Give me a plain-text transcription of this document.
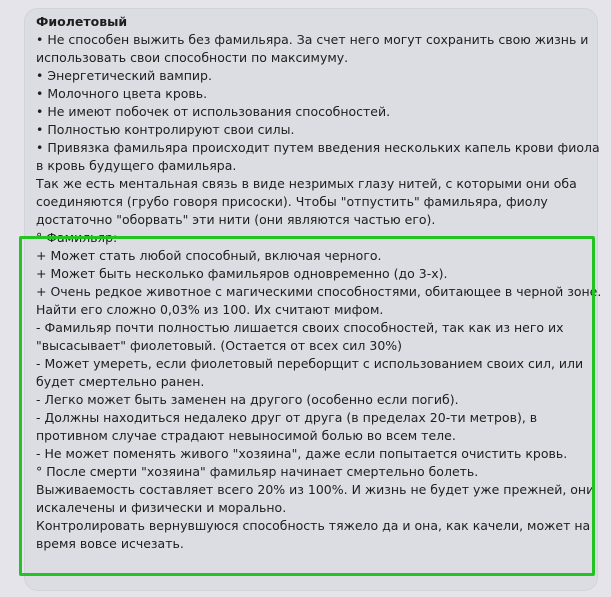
Фиолетовый
• Не способен выжить без фамильяра. За счет него могут сохранить свою жизнь и
использовать свои способности по максимуму.
• Энергетический вампир.
• Молочного цвета кровь.
• Не имеют побочек от использования способностей.
• Полностью контролируют свои силы.
• Привязка фамильяра происходит путем введения нескольких капель крови фиола
в кровь будущего фамильяра.
Так же есть ментальная связь в виде незримых глазу нитей, с которыми они оба
соединяются (грубо говоря присоски). Чтобы "отпустить" фамильяра, фиолу
достаточно "оборвать" эти нити (они являются частью его).
° Фамильяр:
+ Может стать любой способный, включая черного.
+ Может быть несколько фамильяров одновременно (до 3-х).
+ Очень редкое животное с магическими способностями, обитающее в черной зоне.
Найти его сложно 0,03% из 100. Их считают мифом.
- Фамильяр почти полностью лишается своих способностей, так как из него их
"высасывает" фиолетовый. (Остается от всех сил 30%)
- Может умереть, если фиолетовый переборщит с использованием своих сил, или
будет смертельно ранен.
- Легко может быть заменен на другого (особенно если погиб).
- Должны находиться недалеко друг от друга (в пределах 20-ти метров), в
противном случае страдают невыносимой болью во всем теле.
- Не может поменять живого "хозяина", даже если попытается очистить кровь.
° После смерти "хозяина" фамильяр начинает смертельно болеть.
Выживаемость составляет всего 20% из 100%. И жизнь не будет уже прежней, они
искалечены и физически и морально.
Контролировать вернувшуюся способность тяжело да и она, как качели, может на
время вовсе исчезать.
